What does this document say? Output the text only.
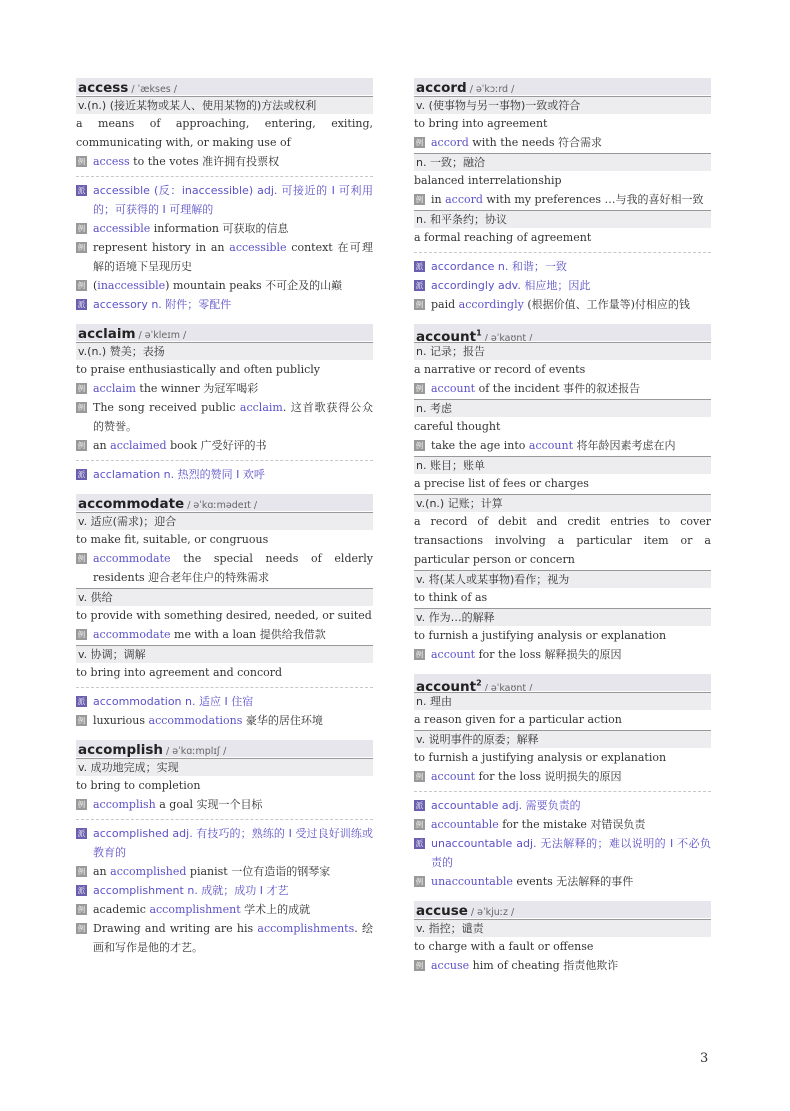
access / ˈækses /
v.(n.) (接近某物或某人、使用某物的)方法或权利
a means of approaching, entering, exiting, communicating with, or making use of
例 access to the votes 准许拥有投票权
派 accessible (反：inaccessible) adj. 可接近的 I 可利用的；可获得的 I 可理解的
例 accessible information 可获取的信息
例 represent history in an accessible context 在可理解的语境下呈现历史
例 (inaccessible) mountain peaks 不可企及的山巅
派 accessory n. 附件；零配件
acclaim / əˈkleɪm /
v.(n.) 赞美；表扬
to praise enthusiastically and often publicly
例 acclaim the winner 为冠军喝彩
例 The song received public acclaim. 这首歌获得公众的赞誉。
例 an acclaimed book 广受好评的书
派 acclamation n. 热烈的赞同 I 欢呼
accommodate / əˈkɑːmədeɪt /
v. 适应(需求)；迎合
to make fit, suitable, or congruous
例 accommodate the special needs of elderly residents 迎合老年住户的特殊需求
v. 供给
to provide with something desired, needed, or suited
例 accommodate me with a loan 提供给我借款
v. 协调；调解
to bring into agreement and concord
派 accommodation n. 适应 I 住宿
例 luxurious accommodations 豪华的居住环境
accomplish / əˈkɑːmplɪʃ /
v. 成功地完成；实现
to bring to completion
例 accomplish a goal 实现一个目标
派 accomplished adj. 有技巧的；熟练的 I 受过良好训练或教育的
例 an accomplished pianist 一位有造诣的钢琴家
派 accomplishment n. 成就；成功 I 才艺
例 academic accomplishment 学术上的成就
例 Drawing and writing are his accomplishments. 绘画和写作是他的才艺。
accord / əˈkɔːrd /
v. (使事物与另一事物)一致或符合
to bring into agreement
例 accord with the needs 符合需求
n. 一致；融洽
balanced interrelationship
例 in accord with my preferences …与我的喜好相一致
n. 和平条约；协议
a formal reaching of agreement
派 accordance n. 和谐；一致
派 accordingly adv. 相应地；因此
例 paid accordingly (根据价值、工作量等)付相应的钱
account$^1$ / əˈkaʊnt /
n. 记录；报告
a narrative or record of events
例 account of the incident 事件的叙述报告
n. 考虑
careful thought
例 take the age into account 将年龄因素考虑在内
n. 账目；账单
a precise list of fees or charges
v.(n.) 记账；计算
a record of debit and credit entries to cover transactions involving a particular item or a particular person or concern
v. 将(某人或某事物)看作；视为
to think of as
v. 作为…的解释
to furnish a justifying analysis or explanation
例 account for the loss 解释损失的原因
account$^2$ / əˈkaʊnt /
n. 理由
a reason given for a particular action
v. 说明事件的原委；解释
to furnish a justifying analysis or explanation
例 account for the loss 说明损失的原因
派 accountable adj. 需要负责的
例 accountable for the mistake 对错误负责
派 unaccountable adj. 无法解释的；难以说明的 I 不必负责的
例 unaccountable events 无法解释的事件
accuse / əˈkjuːz /
v. 指控；谴责
to charge with a fault or offense
例 accuse him of cheating 指责他欺诈
3
